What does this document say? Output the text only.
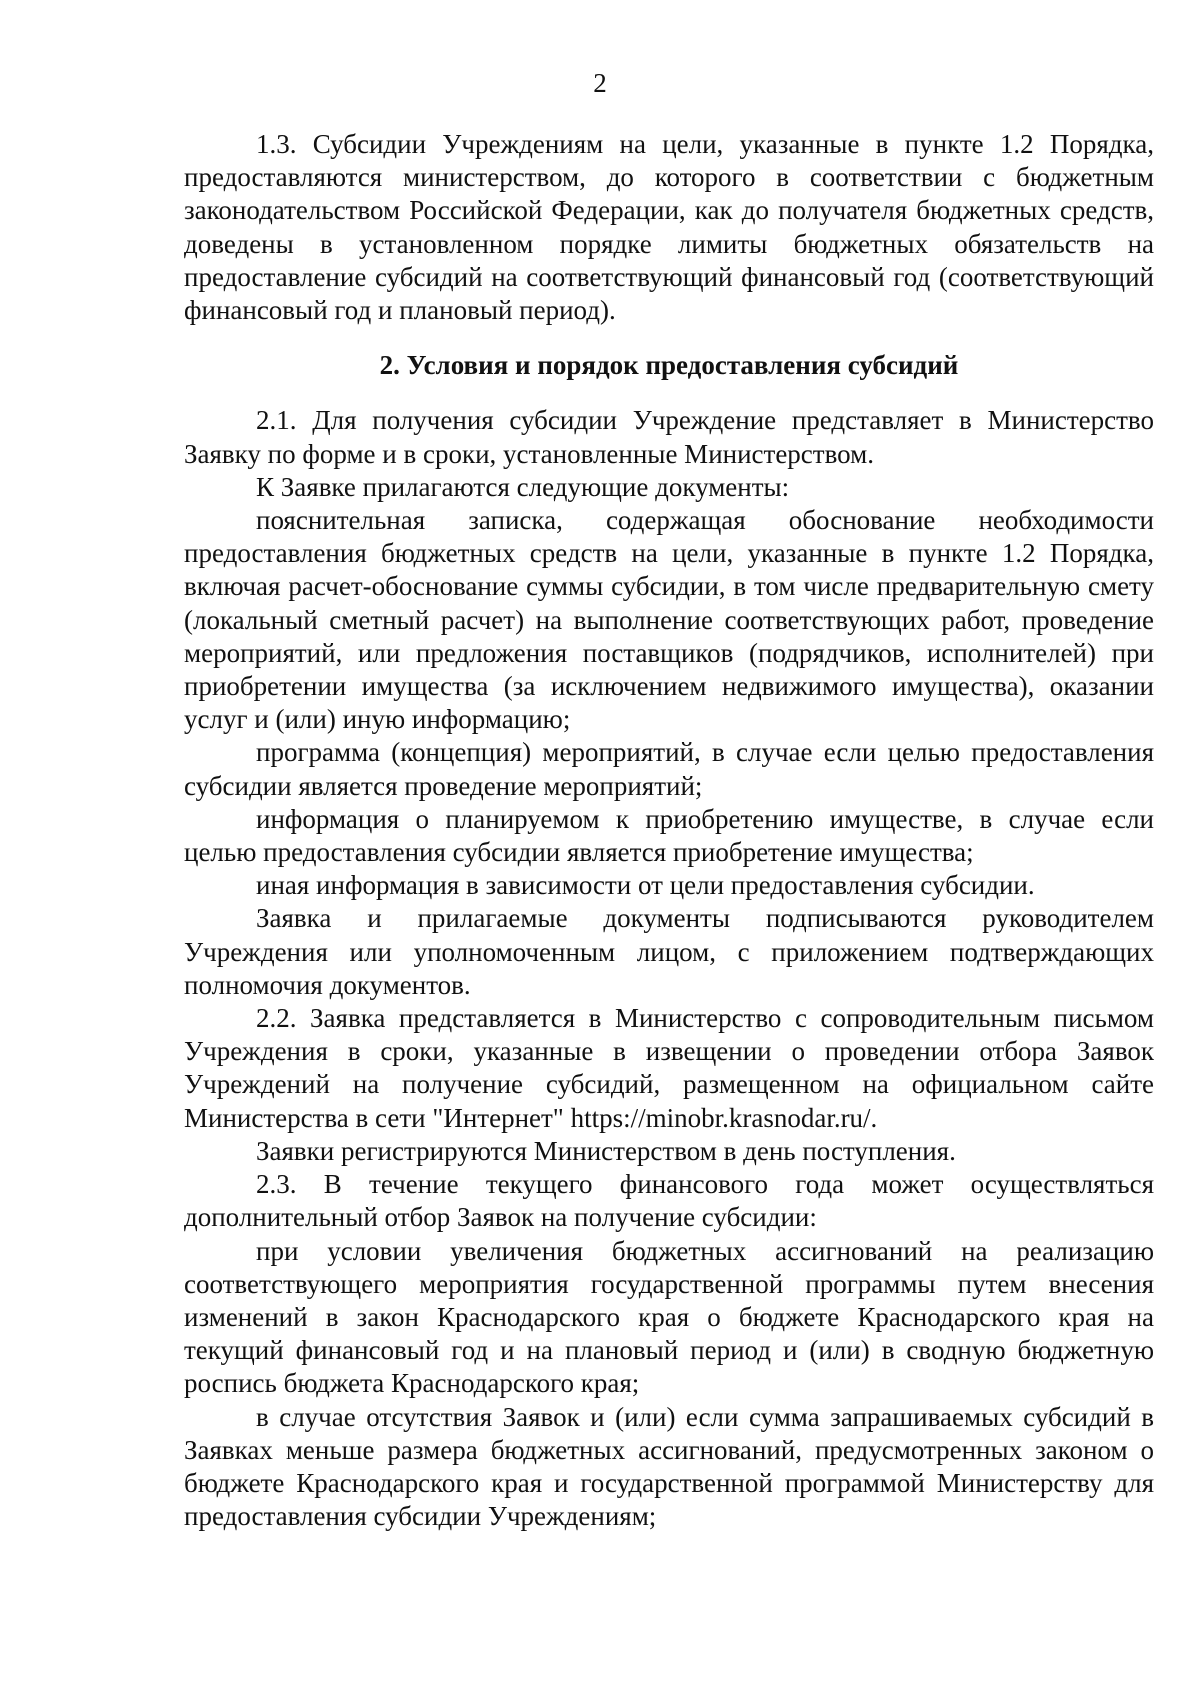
2

1.3. Субсидии Учреждениям на цели, указанные в пункте 1.2 Порядка, предоставляются министерством, до которого в соответствии с бюджетным законодательством Российской Федерации, как до получателя бюджетных средств, доведены в установленном порядке лимиты бюджетных обязательств на предоставление субсидий на соответствующий финансовый год (соответствующий финансовый год и плановый период).

2. Условия и порядок предоставления субсидий

2.1. Для получения субсидии Учреждение представляет в Министерство Заявку по форме и в сроки, установленные Министерством.

К Заявке прилагаются следующие документы:

пояснительная записка, содержащая обоснование необходимости предоставления бюджетных средств на цели, указанные в пункте 1.2 Порядка, включая расчет-обоснование суммы субсидии, в том числе предварительную смету (локальный сметный расчет) на выполнение соответствующих работ, проведение мероприятий, или предложения поставщиков (подрядчиков, исполнителей) при приобретении имущества (за исключением недвижимого имущества), оказании услуг и (или) иную информацию;

программа (концепция) мероприятий, в случае если целью предоставления субсидии является проведение мероприятий;

информация о планируемом к приобретению имуществе, в случае если целью предоставления субсидии является приобретение имущества;

иная информация в зависимости от цели предоставления субсидии.

Заявка и прилагаемые документы подписываются руководителем Учреждения или уполномоченным лицом, с приложением подтверждающих полномочия документов.

2.2. Заявка представляется в Министерство с сопроводительным письмом Учреждения в сроки, указанные в извещении о проведении отбора Заявок Учреждений на получение субсидий, размещенном на официальном сайте Министерства в сети "Интернет" https://minobr.krasnodar.ru/.

Заявки регистрируются Министерством в день поступления.

2.3. В течение текущего финансового года может осуществляться дополнительный отбор Заявок на получение субсидии:

при условии увеличения бюджетных ассигнований на реализацию соответствующего мероприятия государственной программы путем внесения изменений в закон Краснодарского края о бюджете Краснодарского края на текущий финансовый год и на плановый период и (или) в сводную бюджетную роспись бюджета Краснодарского края;

в случае отсутствия Заявок и (или) если сумма запрашиваемых субсидий в Заявках меньше размера бюджетных ассигнований, предусмотренных законом о бюджете Краснодарского края и государственной программой Министерству для предоставления субсидии Учреждениям;
